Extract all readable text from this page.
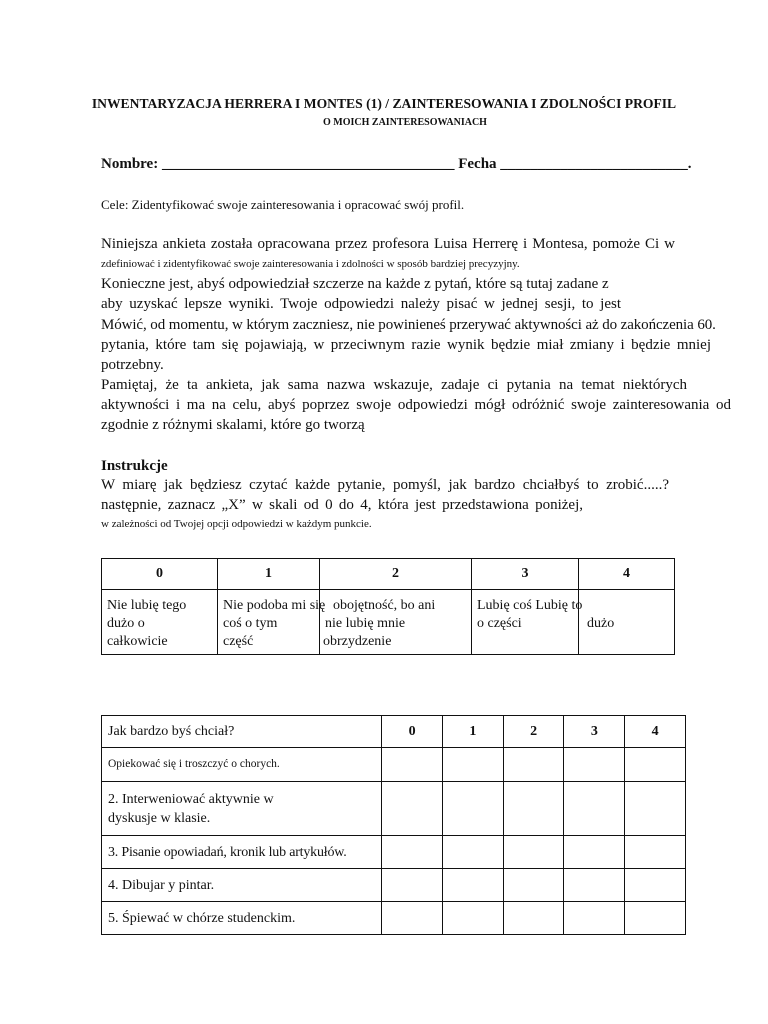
INWENTARYZACJA HERRERA I MONTES (1) / ZAINTERESOWANIA I ZDOLNOŚCI PROFIL
O MOICH ZAINTERESOWANIACH
Nombre: _______________________________________ Fecha _________________________.
Cele: Zidentyfikować swoje zainteresowania i opracować swój profil.
Niniejsza ankieta została opracowana przez profesora Luisa Herrerę i Montesa, pomoże Ci w
zdefiniować i zidentyfikować swoje zainteresowania i zdolności w sposób bardziej precyzyjny.
Konieczne jest, abyś odpowiedział szczerze na każde z pytań, które są tutaj zadane z
aby uzyskać lepsze wyniki. Twoje odpowiedzi należy pisać w jednej sesji, to jest
Mówić, od momentu, w którym zaczniesz, nie powinieneś przerywać aktywności aż do zakończenia 60.
pytania, które tam się pojawiają, w przeciwnym razie wynik będzie miał zmiany i będzie mniej
potrzebny.
Pamiętaj, że ta ankieta, jak sama nazwa wskazuje, zadaje ci pytania na temat niektórych
aktywności i ma na celu, abyś poprzez swoje odpowiedzi mógł odróżnić swoje zainteresowania od
zgodnie z różnymi skalami, które go tworzą
Instrukcje
W miarę jak będziesz czytać każde pytanie, pomyśl, jak bardzo chciałbyś to zrobić.....?
następnie, zaznacz „X” w skali od 0 do 4, która jest przedstawiona poniżej,
w zależności od Twojej opcji odpowiedzi w każdym punkcie.
0	1	2	3	4

Nie lubię tego
dużo o
całkowicie	Nie podoba mi się
coś o tym
część	obojętność, bo ani
nie lubię mnie
obrzydzenie	Lubię coś Lubię to
o części	dużo
Jak bardzo byś chciał?	0	1	2	3	4
Opiekować się i troszczyć o chorych.					

2. Interweniować aktywnie w
dyskusje w klasie.					

3. Pisanie opowiadań, kronik lub artykułów.					
4. Dibujar y pintar.					
5. Śpiewać w chórze studenckim.					
